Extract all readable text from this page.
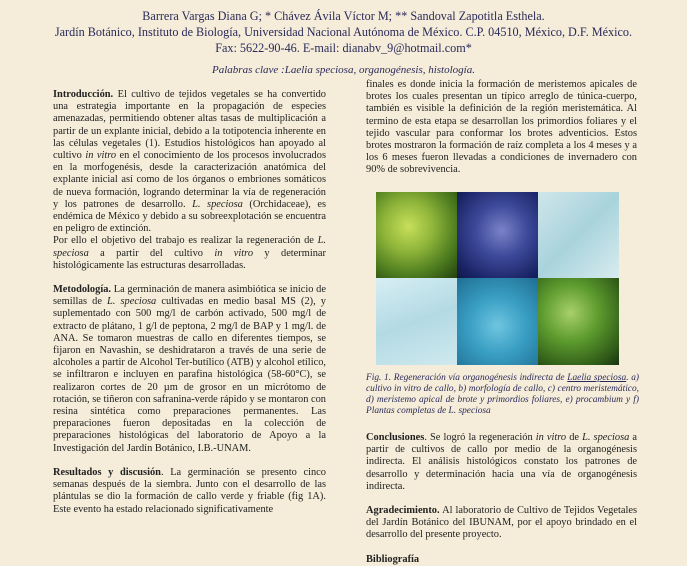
Barrera Vargas Diana G; * Chávez Ávila Víctor M; ** Sandoval Zapotitla Esthela.
Jardín Botánico, Instituto de Biología, Universidad Nacional Autónoma de México. C.P. 04510, México, D.F. México.
Fax: 5622-90-46. E-mail: dianabv_9@hotmail.com*
Palabras clave :Laelia speciosa, organogénesis, histología.

Introducción. El cultivo de tejidos vegetales se ha convertido una estrategia importante en la propagación de especies amenazadas, permitiendo obtener altas tasas de multiplicación a partir de un explante inicial, debido a la totipotencia inherente en las células vegetales (1). Estudios histológicos han apoyado al cultivo in vitro en el conocimiento de los procesos involucrados en la morfogenésis, desde la caracterización anatómica del explante inicial así como de los órganos o embriones somáticos de nueva formación, logrando determinar la vía de regeneración y los patrones de desarrollo. L. speciosa (Orchidaceae), es endémica de México y debido a su sobreexplotación se encuentra en peligro de extinción.

Por ello el objetivo del trabajo es realizar la regeneración de L. speciosa a partir del cultivo in vitro y determinar histológicamente las estructuras desarrolladas.

Metodología. La germinación de manera asimbiótica se inicio de semillas de L. speciosa cultivadas en medio basal MS (2), y suplementado con 500 mg/l de carbón activado, 500 mg/l de extracto de plátano, 1 g/l de peptona, 2 mg/l de BAP y 1 mg/l. de ANA. Se tomaron muestras de callo en diferentes tiempos, se fijaron en Navashin, se deshidrataron a través de una serie de alcoholes a partir de Alcohol Ter-butílico (ATB) y alcohol etílico, se infiltraron e incluyen en parafina histológica (58-60°C), se realizaron cortes de 20 µm de grosor en un micrótomo de rotación, se tiñeron con safranina-verde rápido y se montaron con resina sintética como preparaciones permanentes. Las preparaciones fueron depositadas en la colección de preparaciones histológicas del laboratorio de Apoyo a la Investigación del Jardín Botánico, I.B.-UNAM.

Resultados y discusión. La germinación se presento cinco semanas después de la siembra. Junto con el desarrollo de las plántulas se dio la formación de callo verde y friable (fig 1A). Este evento ha estado relacionado significativamente

finales es donde inicia la formación de meristemos apicales de brotes los cuales presentan un típico arreglo de túnica-cuerpo, también es visible la definición de la región meristemática. Al termino de esta etapa se desarrollan los primordios foliares y el tejido vascular para conformar los brotes adventicios. Estos brotes mostraron la formación de raíz completa a los 4 meses y a los 6 meses fueron llevadas a condiciones de invernadero con 90% de sobrevivencia.

Fig. 1. Regeneración vía organogénesis indirecta de Laelia speciosa. a) cultivo in vitro de callo, b) morfología de callo, c) centro meristemático, d) meristemo apical de brote y primordios foliares, e) procambium y f) Plantas completas de L. speciosa

Conclusiones. Se logró la regeneración in vitro de L. speciosa a partir de cultivos de callo por medio de la organogénesis indirecta. El análisis histológicos constato los patrones de desarrollo y determinación hacia una vía de organogénesis indirecta.

Agradecimiento. Al laboratorio de Cultivo de Tejidos Vegetales del Jardín Botánico del IBUNAM, por el apoyo brindado en el desarrollo del presente proyecto.

Bibliografía
